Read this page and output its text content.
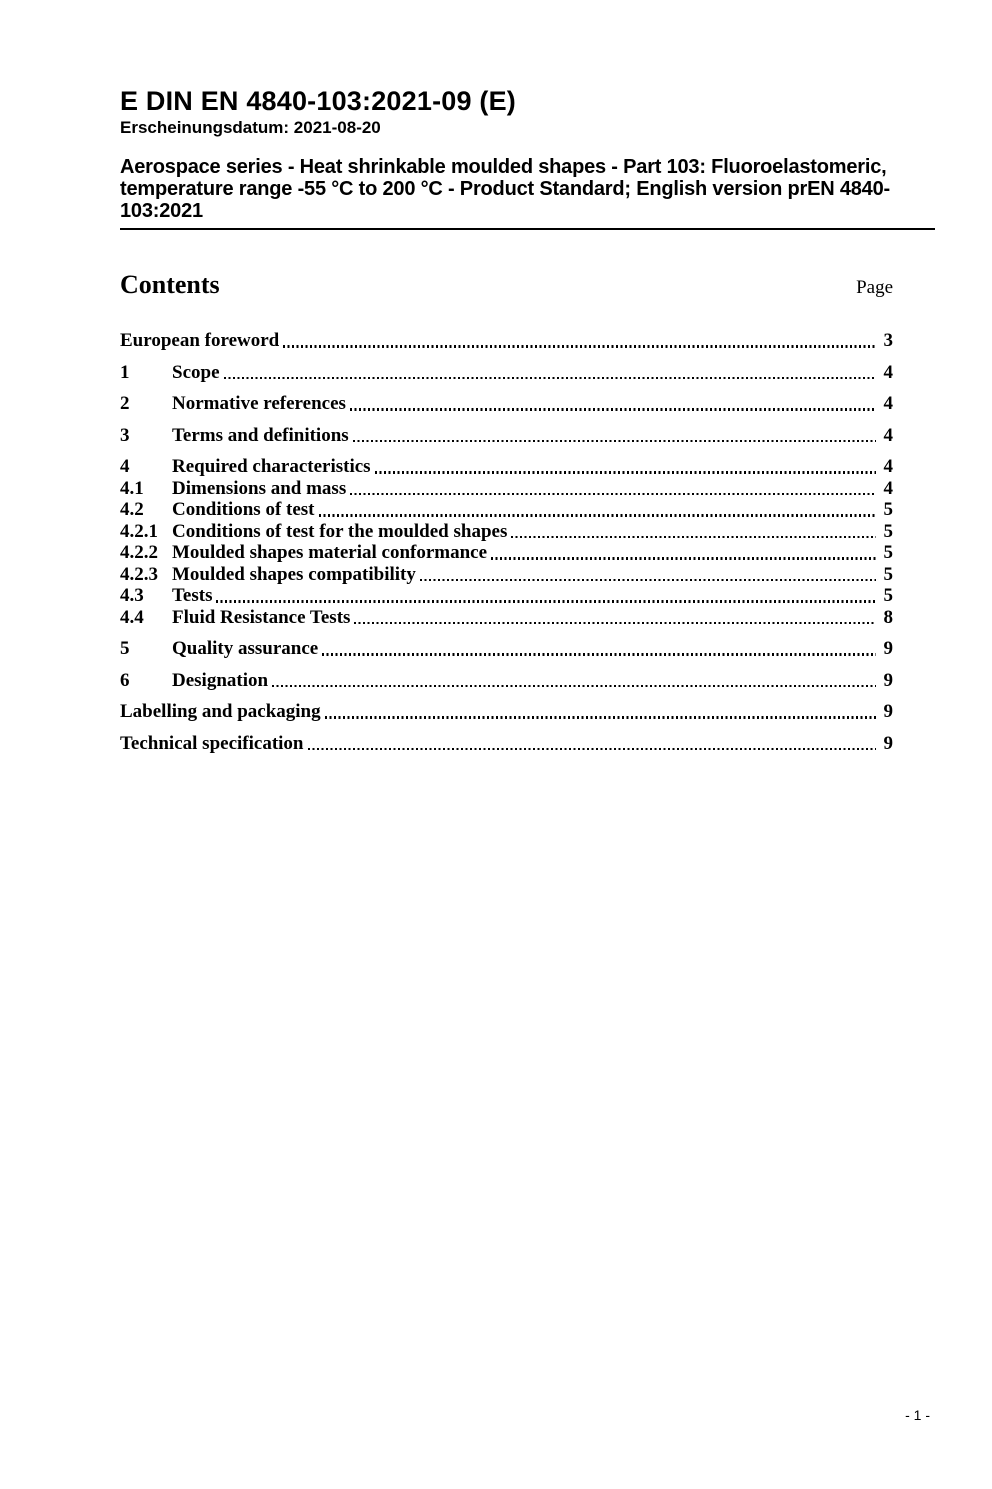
E DIN EN 4840-103:2021-09 (E)
Erscheinungsdatum: 2021-08-20
Aerospace series - Heat shrinkable moulded shapes - Part 103: Fluoroelastomeric,
temperature range -55 °C to 200 °C - Product Standard; English version prEN 4840-
103:2021
Contents	Page
European foreword	3
1	Scope	4
2	Normative references	4
3	Terms and definitions	4
4	Required characteristics	4
4.1	Dimensions and mass	4
4.2	Conditions of test	5
4.2.1 Conditions of test for the moulded shapes	5
4.2.2 Moulded shapes material conformance	5
4.2.3 Moulded shapes compatibility	5
4.3	Tests	5
4.4	Fluid Resistance Tests	8
5	Quality assurance	9
6	Designation	9
Labelling and packaging	9
Technical specification	9
- 1 -
